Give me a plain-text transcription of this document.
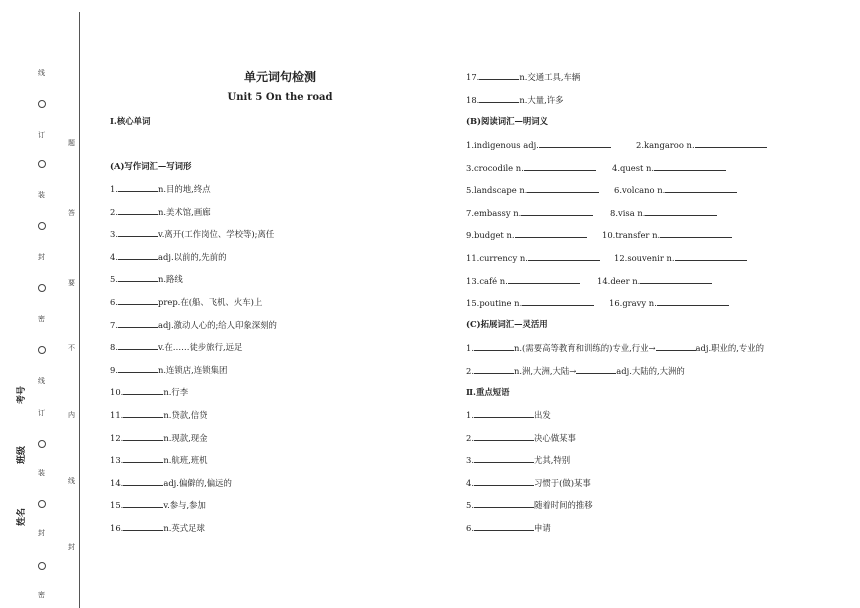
线
订
装
封
密
线
订
装
封
密
题
答
要
不
内
线
封
考号
班级
姓名
单元词句检测
Unit 5 On the road
Ⅰ.核心单词
(A)写作词汇—写词形
1.	n.目的地,终点
2.	n.美术馆,画廊
3.	v.离开(工作岗位、学校等);离任
4.	adj.以前的,先前的
5.	n.路线
6.	prep.在(船、飞机、火车)上
7.	adj.激动人心的;给人印象深刻的
8.	v.在……徒步旅行,远足
9.	n.连锁店,连锁集团
10.	n.行李
11.	n.贷款,信贷
12.	n.现款,现金
13.	n.航班,班机
14.	adj.偏僻的,偏远的
15.	v.参与,参加
16.	n.英式足球
17.	n.交通工具,车辆
18.	n.大量,许多
(B)阅读词汇—明词义
1.indigenous adj.	2.kangaroo n.
3.crocodile n.	4.quest n.
5.landscape n.	6.volcano n.
7.embassy n.	8.visa n.
9.budget n.	10.transfer n.
11.currency n.	12.souvenir n.
13.café n.	14.deer n.
15.poutine n.	16.gravy n.
(C)拓展词汇—灵活用
1.	n.(需要高等教育和训练的)专业,行业→	adj.职业的,专业的
2.	n.洲,大洲,大陆→	adj.大陆的,大洲的
Ⅱ.重点短语
1.	出发
2.	决心做某事
3.	尤其,特别
4.	习惯于(做)某事
5.	随着时间的推移
6.	申请
